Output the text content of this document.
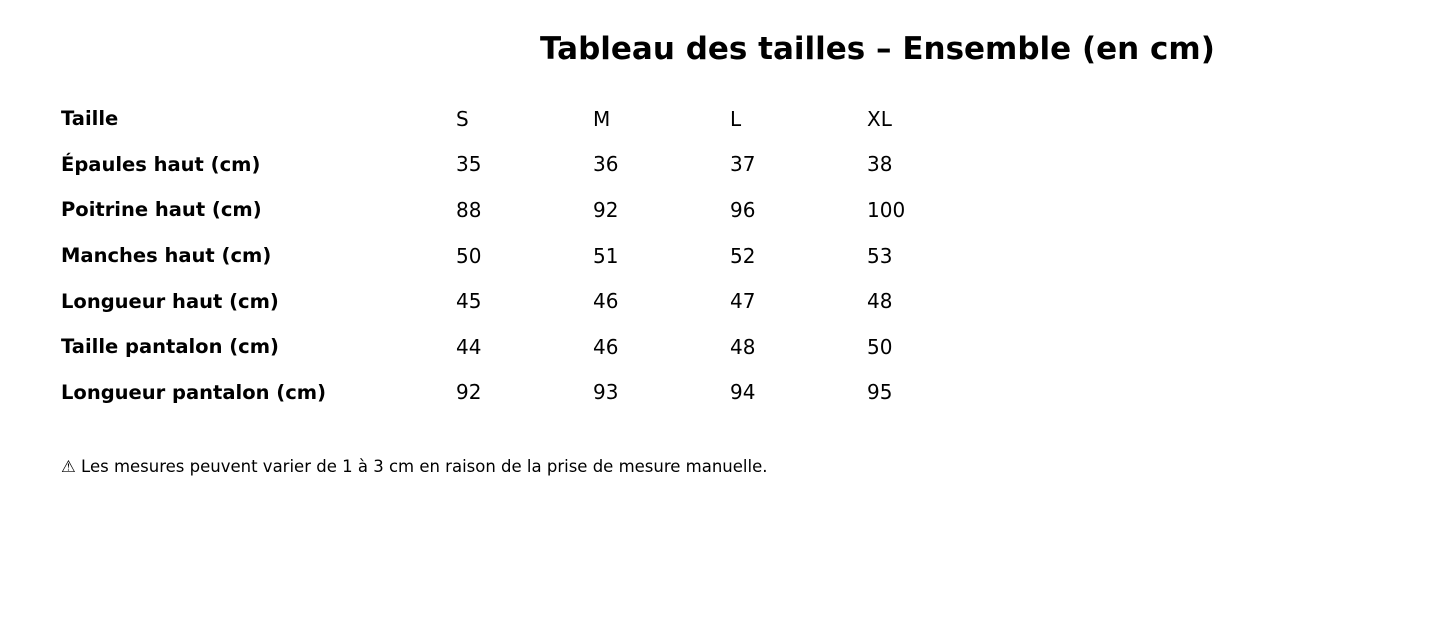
Tableau des tailles – Ensemble (en cm)
Taille	S	M	L	XL
Épaules haut (cm)	35	36	37	38
Poitrine haut (cm)	88	92	96	100
Manches haut (cm)	50	51	52	53
Longueur haut (cm)	45	46	47	48
Taille pantalon (cm)	44	46	48	50
Longueur pantalon (cm)	92	93	94	95

⚠ Les mesures peuvent varier de 1 à 3 cm en raison de la prise de mesure manuelle.
